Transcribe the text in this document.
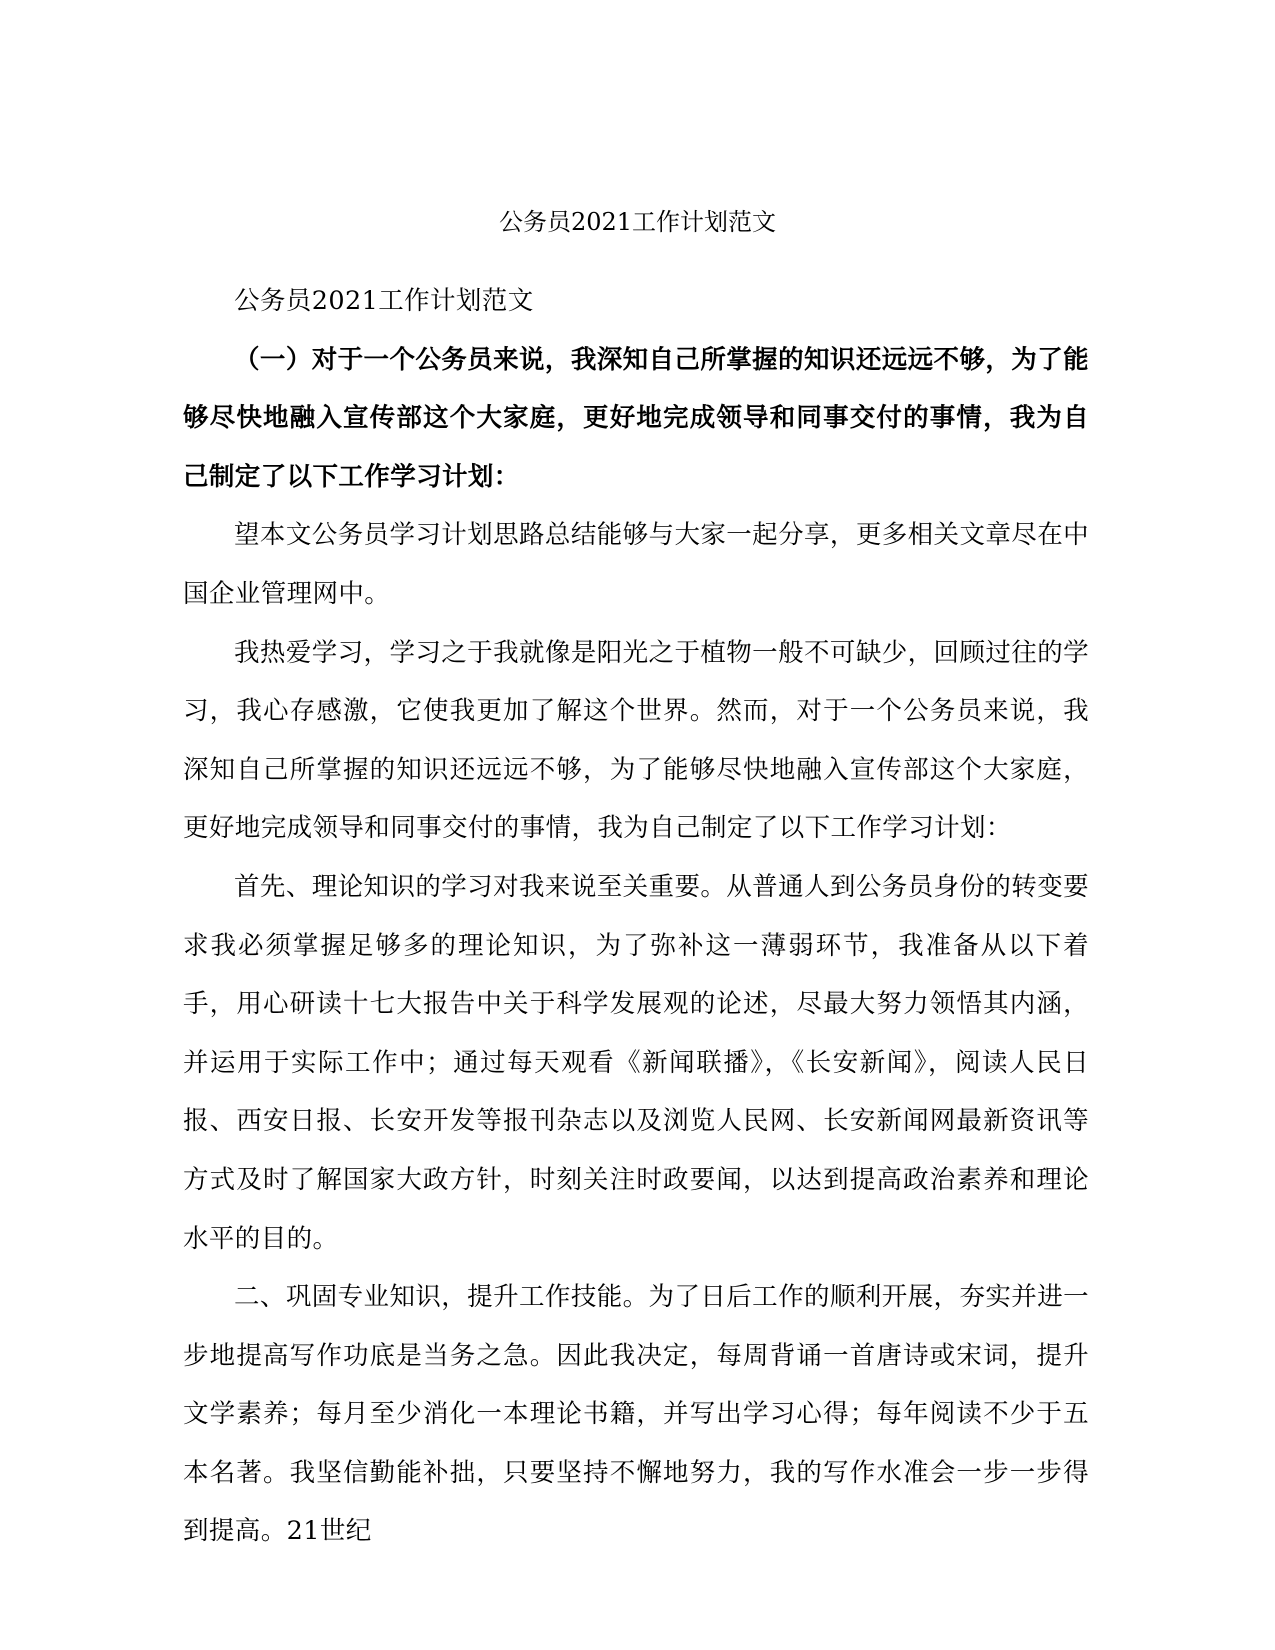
公务员2021工作计划范文

公务员2021工作计划范文

（一）对于一个公务员来说，我深知自己所掌握的知识还远远不够，为了能够尽快地融入宣传部这个大家庭，更好地完成领导和同事交付的事情，我为自己制定了以下工作学习计划：

望本文公务员学习计划思路总结能够与大家一起分享，更多相关文章尽在中国企业管理网中。

我热爱学习，学习之于我就像是阳光之于植物一般不可缺少，回顾过往的学习，我心存感激，它使我更加了解这个世界。然而，对于一个公务员来说，我深知自己所掌握的知识还远远不够，为了能够尽快地融入宣传部这个大家庭，更好地完成领导和同事交付的事情，我为自己制定了以下工作学习计划：

首先、理论知识的学习对我来说至关重要。从普通人到公务员身份的转变要求我必须掌握足够多的理论知识，为了弥补这一薄弱环节，我准备从以下着手，用心研读十七大报告中关于科学发展观的论述，尽最大努力领悟其内涵，并运用于实际工作中；通过每天观看《新闻联播》，《长安新闻》，阅读人民日报、西安日报、长安开发等报刊杂志以及浏览人民网、长安新闻网最新资讯等方式及时了解国家大政方针，时刻关注时政要闻，以达到提高政治素养和理论水平的目的。

二、巩固专业知识，提升工作技能。为了日后工作的顺利开展，夯实并进一步地提高写作功底是当务之急。因此我决定，每周背诵一首唐诗或宋词，提升文学素养；每月至少消化一本理论书籍，并写出学习心得；每年阅读不少于五本名著。我坚信勤能补拙，只要坚持不懈地努力，我的写作水准会一步一步得到提高。21世纪
